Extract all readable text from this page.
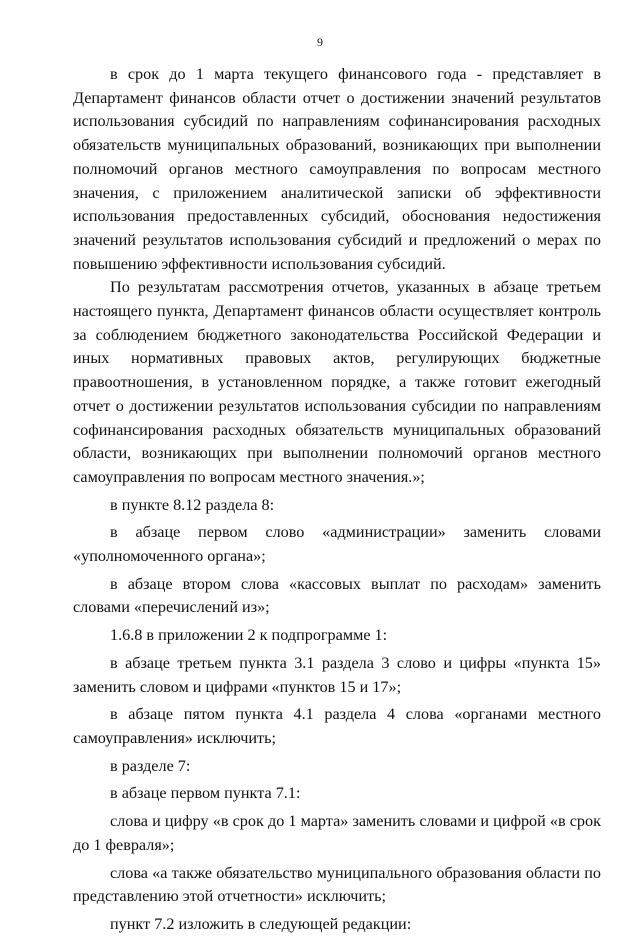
9

в срок до 1 марта текущего финансового года - представляет в Департамент финансов области отчет о достижении значений результатов использования субсидий по направлениям софинансирования расходных обязательств муниципальных образований, возникающих при выполнении полномочий органов местного самоуправления по вопросам местного значения, с приложением аналитической записки об эффективности использования предоставленных субсидий, обоснования недостижения значений результатов использования субсидий и предложений о мерах по повышению эффективности использования субсидий.

По результатам рассмотрения отчетов, указанных в абзаце третьем настоящего пункта, Департамент финансов области осуществляет контроль за соблюдением бюджетного законодательства Российской Федерации и иных нормативных правовых актов, регулирующих бюджетные правоотношения, в установленном порядке, а также готовит ежегодный отчет о достижении результатов использования субсидии по направлениям софинансирования расходных обязательств муниципальных образований области, возникающих при выполнении полномочий органов местного самоуправления по вопросам местного значения.»;

в пункте 8.12 раздела 8:

в абзаце первом слово «администрации» заменить словами «уполномоченного органа»;

в абзаце втором слова «кассовых выплат по расходам» заменить словами «перечислений из»;

1.6.8 в приложении 2 к подпрограмме 1:

в абзаце третьем пункта 3.1 раздела 3 слово и цифры «пункта 15» заменить словом и цифрами «пунктов 15 и 17»;

в абзаце пятом пункта 4.1 раздела 4 слова «органами местного самоуправления» исключить;

в разделе 7:

в абзаце первом пункта 7.1:

слова и цифру «в срок до 1 марта» заменить словами и цифрой «в срок до 1 февраля»;

слова «а также обязательство муниципального образования области по представлению этой отчетности» исключить;

пункт 7.2 изложить в следующей редакции:
